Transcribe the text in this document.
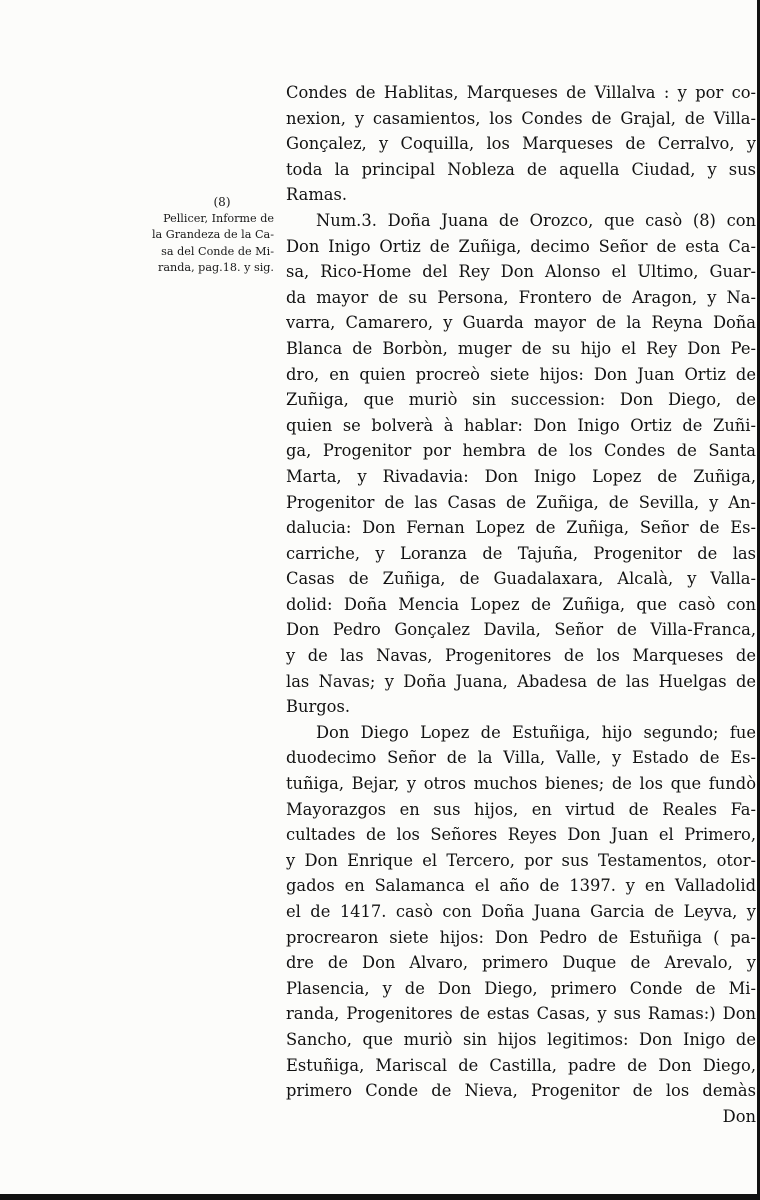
(8)
Pellicer, Informe de
la Grandeza de la Ca-
sa del Conde de Mi-
randa, pag.18. y sig.
Condes de Hablitas, Marqueses de Villalva : y por co-
nexion, y casamientos, los Condes de Grajal, de Villa-
Gonçalez, y Coquilla, los Marqueses de Cerralvo, y
toda la principal Nobleza de aquella Ciudad, y sus
Ramas.
Num.3. Doña Juana de Orozco, que casò (8) con
Don Inigo Ortiz de Zuñiga, decimo Señor de esta Ca-
sa, Rico-Home del Rey Don Alonso el Ultimo, Guar-
da mayor de su Persona, Frontero de Aragon, y Na-
varra, Camarero, y Guarda mayor de la Reyna Doña
Blanca de Borbòn, muger de su hijo el Rey Don Pe-
dro, en quien procreò siete hijos: Don Juan Ortiz de
Zuñiga, que muriò sin succession: Don Diego, de
quien se bolverà à hablar: Don Inigo Ortiz de Zuñi-
ga, Progenitor por hembra de los Condes de Santa
Marta, y Rivadavia: Don Inigo Lopez de Zuñiga,
Progenitor de las Casas de Zuñiga, de Sevilla, y An-
dalucia: Don Fernan Lopez de Zuñiga, Señor de Es-
carriche, y Loranza de Tajuña, Progenitor de las
Casas de Zuñiga, de Guadalaxara, Alcalà, y Valla-
dolid: Doña Mencia Lopez de Zuñiga, que casò con
Don Pedro Gonçalez Davila, Señor de Villa-Franca,
y de las Navas, Progenitores de los Marqueses de
las Navas; y Doña Juana, Abadesa de las Huelgas de
Burgos.
Don Diego Lopez de Estuñiga, hijo segundo; fue
duodecimo Señor de la Villa, Valle, y Estado de Es-
tuñiga, Bejar, y otros muchos bienes; de los que fundò
Mayorazgos en sus hijos, en virtud de Reales Fa-
cultades de los Señores Reyes Don Juan el Primero,
y Don Enrique el Tercero, por sus Testamentos, otor-
gados en Salamanca el año de 1397. y en Valladolid
el de 1417. casò con Doña Juana Garcia de Leyva, y
procrearon siete hijos: Don Pedro de Estuñiga ( pa-
dre de Don Alvaro, primero Duque de Arevalo, y
Plasencia, y de Don Diego, primero Conde de Mi-
randa, Progenitores de estas Casas, y sus Ramas:) Don
Sancho, que muriò sin hijos legitimos: Don Inigo de
Estuñiga, Mariscal de Castilla, padre de Don Diego,
primero Conde de Nieva, Progenitor de los demàs
Don
